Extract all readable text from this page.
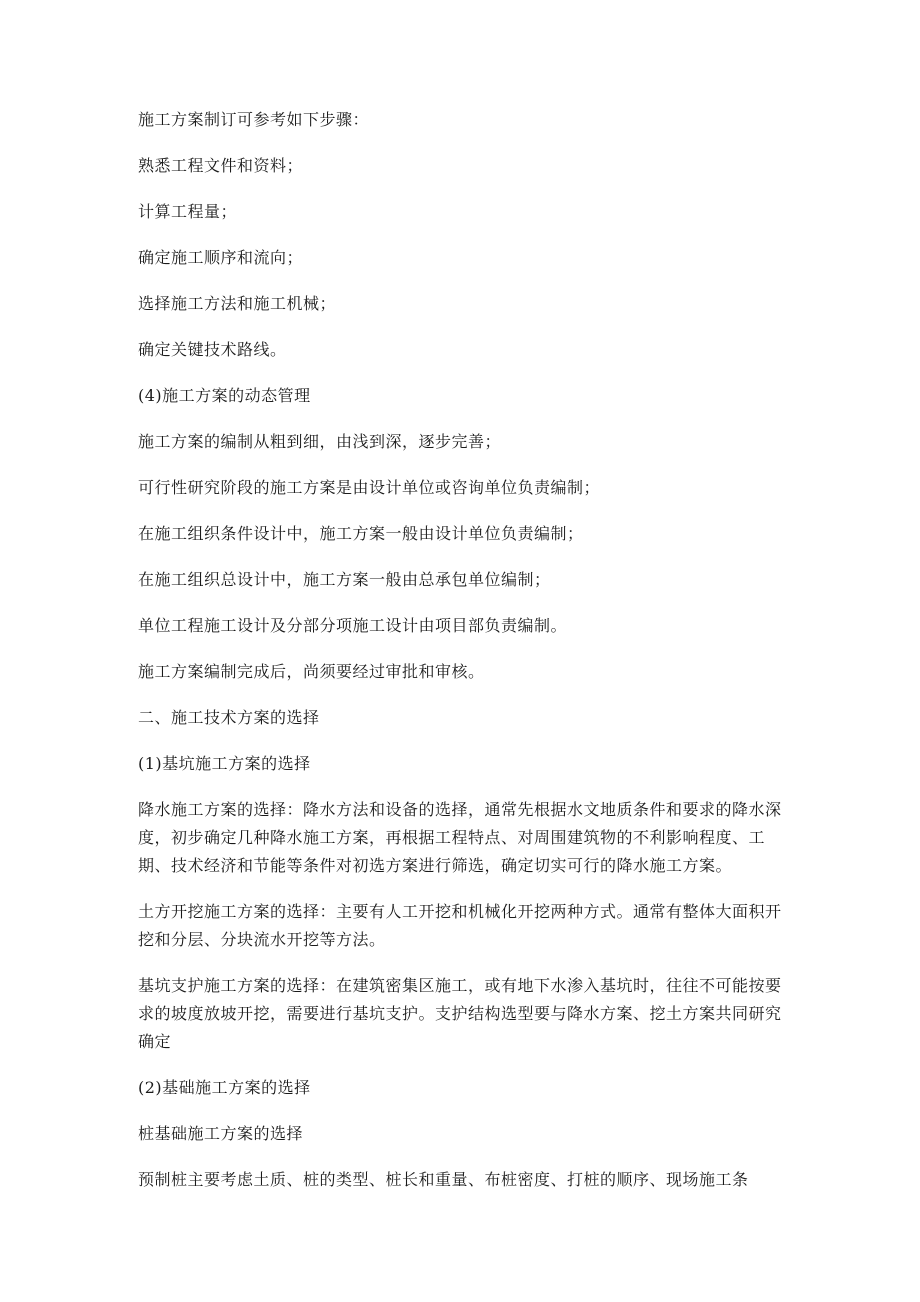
施工方案制订可参考如下步骤：

熟悉工程文件和资料；

计算工程量；

确定施工顺序和流向；

选择施工方法和施工机械；

确定关键技术路线。

(4)施工方案的动态管理

施工方案的编制从粗到细，由浅到深，逐步完善；

可行性研究阶段的施工方案是由设计单位或咨询单位负责编制；

在施工组织条件设计中，施工方案一般由设计单位负责编制；

在施工组织总设计中，施工方案一般由总承包单位编制；

单位工程施工设计及分部分项施工设计由项目部负责编制。

施工方案编制完成后，尚须要经过审批和审核。

二、施工技术方案的选择

(1)基坑施工方案的选择

降水施工方案的选择：降水方法和设备的选择，通常先根据水文地质条件和要求的降水深度，初步确定几种降水施工方案，再根据工程特点、对周围建筑物的不利影响程度、工期、技术经济和节能等条件对初选方案进行筛选，确定切实可行的降水施工方案。

土方开挖施工方案的选择：主要有人工开挖和机械化开挖两种方式。通常有整体大面积开挖和分层、分块流水开挖等方法。

基坑支护施工方案的选择：在建筑密集区施工，或有地下水渗入基坑时，往往不可能按要求的坡度放坡开挖，需要进行基坑支护。支护结构选型要与降水方案、挖土方案共同研究确定

(2)基础施工方案的选择

桩基础施工方案的选择

预制桩主要考虑土质、桩的类型、桩长和重量、布桩密度、打桩的顺序、现场施工条
